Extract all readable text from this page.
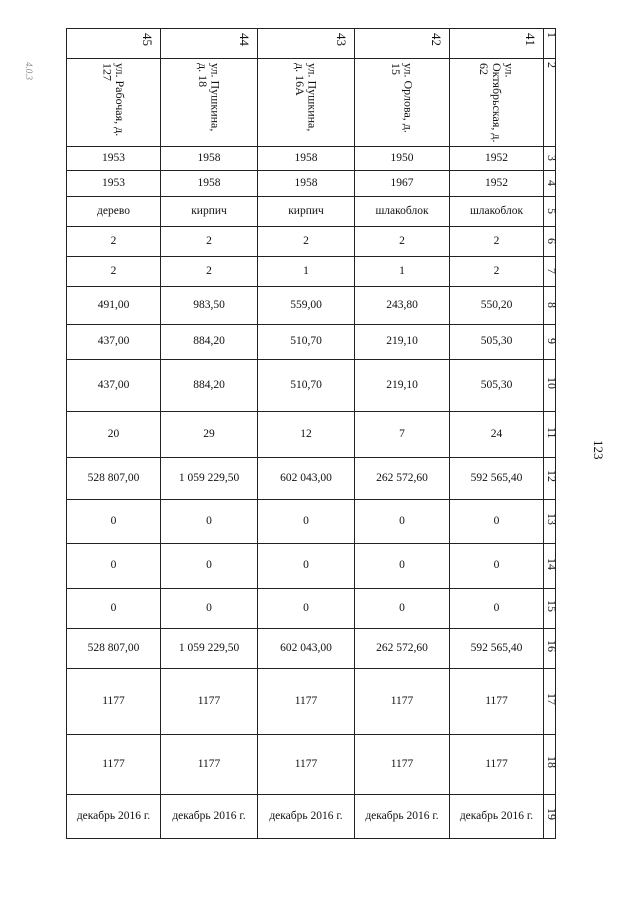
4.0.3
45	44	43	42	41	1

ул. Рабочая, д. 127	ул. Пушкина, д. 18	ул. Пушкина, д. 16А	ул. Орлова, д. 15	ул. Октябрьская, д. 62	2
1953	1958	1958	1950	1952	3
1953	1958	1958	1967	1952	4
дерево	кирпич	кирпич	шлакоблок	шлакоблок	5
2	2	2	2	2	6
2	2	1	1	2	7
491,00	983,50	559,00	243,80	550,20	8
437,00	884,20	510,70	219,10	505,30	9
437,00	884,20	510,70	219,10	505,30	10
20	29	12	7	24	11
528 807,00	1 059 229,50	602 043,00	262 572,60	592 565,40	12
0	0	0	0	0	13
0	0	0	0	0	14
0	0	0	0	0	15
528 807,00	1 059 229,50	602 043,00	262 572,60	592 565,40	16
1177	1177	1177	1177	1177	17
1177	1177	1177	1177	1177	18
декабрь 2016 г.	декабрь 2016 г.	декабрь 2016 г.	декабрь 2016 г.	декабрь 2016 г.	19
123
